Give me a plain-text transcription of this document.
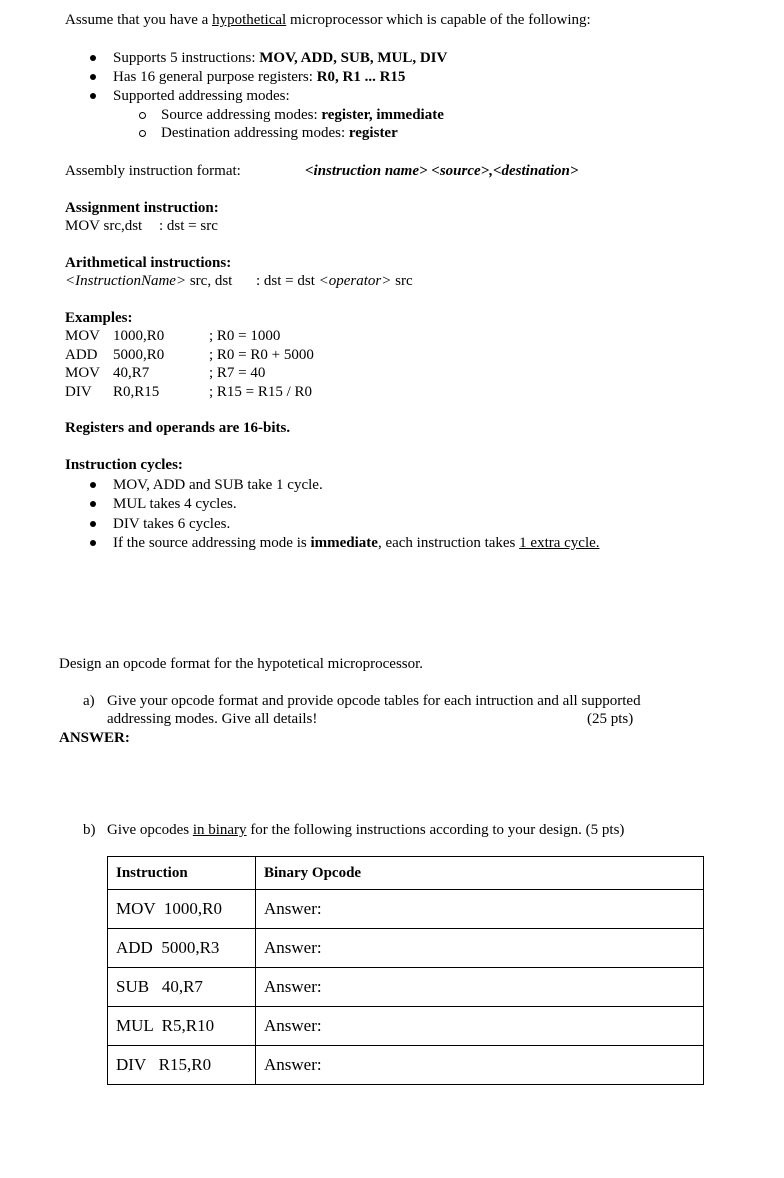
Assume that you have a hypothetical microprocessor which is capable of the following:
Supports 5 instructions: MOV, ADD, SUB, MUL, DIV
Has 16 general purpose registers: R0, R1 ... R15
Supported addressing modes:
Source addressing modes: register, immediate
Destination addressing modes: register
Assembly instruction format:	<instruction name> <source>,<destination>
Assignment instruction:
MOV src,dst : dst = src
Arithmetical instructions:
<InstructionName> src, dst : dst = dst <operator> src
Examples:
MOV 1000,R0	; R0 = 1000
ADD 5000,R0	; R0 = R0 + 5000
MOV 40,R7	; R7 = 40
DIV R0,R15	; R15 = R15 / R0
Registers and operands are 16-bits.
Instruction cycles:
MOV, ADD and SUB take 1 cycle.
MUL takes 4 cycles.
DIV takes 6 cycles.
If the source addressing mode is immediate, each instruction takes 1 extra cycle.
Design an opcode format for the hypotetical microprocessor.
a) Give your opcode format and provide opcode tables for each intruction and all supported
addressing modes. Give all details!	(25 pts)
ANSWER:
b) Give opcodes in binary for the following instructions according to your design. (5 pts)
Instruction	Binary Opcode
MOV  1000,R0	Answer:
ADD  5000,R3	Answer:
SUB   40,R7	Answer:
MUL  R5,R10	Answer:
DIV   R15,R0	Answer:
